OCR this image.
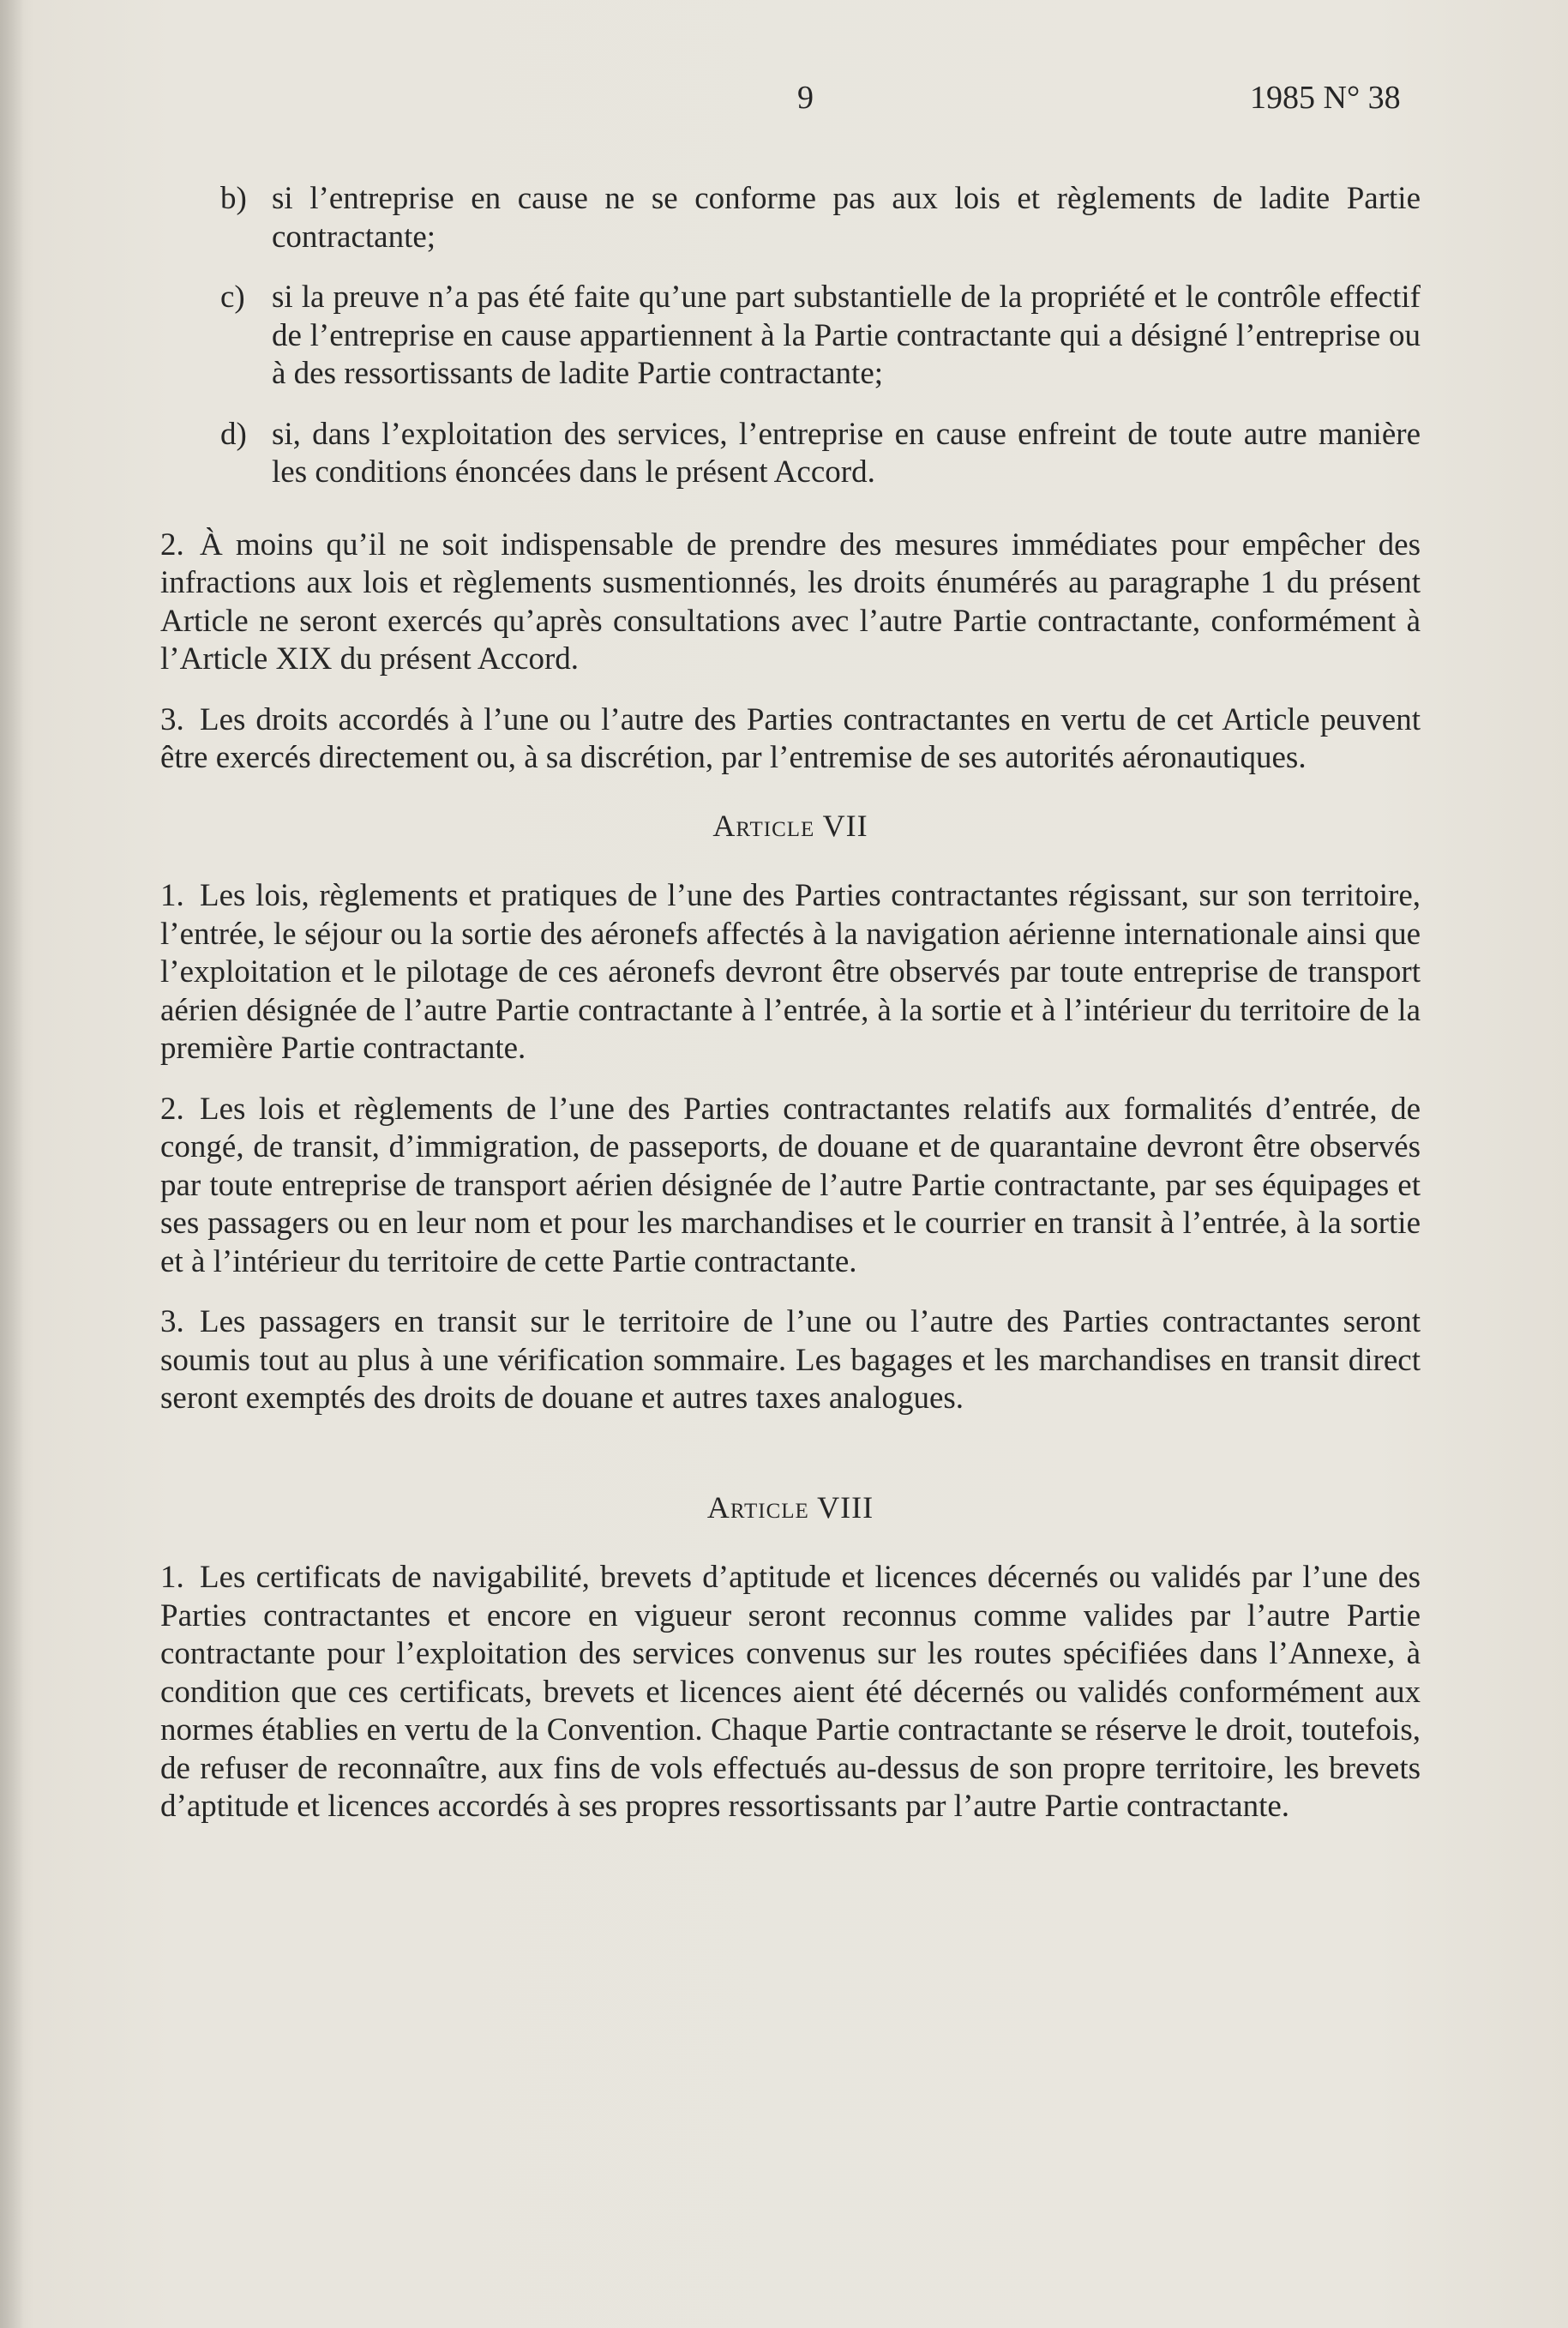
9	1985 N° 38
b) si l’entreprise en cause ne se conforme pas aux lois et règlements de ladite Partie contractante;
c) si la preuve n’a pas été faite qu’une part substantielle de la propriété et le contrôle effectif de l’entreprise en cause appartiennent à la Partie contractante qui a désigné l’entreprise ou à des ressortissants de ladite Partie contractante;
d) si, dans l’exploitation des services, l’entreprise en cause enfreint de toute autre manière les conditions énoncées dans le présent Accord.

2. À moins qu’il ne soit indispensable de prendre des mesures immédiates pour empêcher des infractions aux lois et règlements susmentionnés, les droits énumérés au paragraphe 1 du présent Article ne seront exercés qu’après consultations avec l’autre Partie contractante, conformément à l’Article XIX du présent Accord.

3. Les droits accordés à l’une ou l’autre des Parties contractantes en vertu de cet Article peuvent être exercés directement ou, à sa discrétion, par l’entremise de ses autorités aéronautiques.

Article VII

1. Les lois, règlements et pratiques de l’une des Parties contractantes régissant, sur son territoire, l’entrée, le séjour ou la sortie des aéronefs affectés à la navigation aérienne internationale ainsi que l’exploitation et le pilotage de ces aéronefs devront être observés par toute entreprise de transport aérien désignée de l’autre Partie contractante à l’entrée, à la sortie et à l’intérieur du territoire de la première Partie contractante.

2. Les lois et règlements de l’une des Parties contractantes relatifs aux formalités d’entrée, de congé, de transit, d’immigration, de passeports, de douane et de quarantaine devront être observés par toute entreprise de transport aérien désignée de l’autre Partie contractante, par ses équipages et ses passagers ou en leur nom et pour les marchandises et le courrier en transit à l’entrée, à la sortie et à l’intérieur du territoire de cette Partie contractante.

3. Les passagers en transit sur le territoire de l’une ou l’autre des Parties contractantes seront soumis tout au plus à une vérification sommaire. Les bagages et les marchandises en transit direct seront exemptés des droits de douane et autres taxes analogues.

Article VIII

1. Les certificats de navigabilité, brevets d’aptitude et licences décernés ou validés par l’une des Parties contractantes et encore en vigueur seront reconnus comme valides par l’autre Partie contractante pour l’exploitation des services convenus sur les routes spécifiées dans l’Annexe, à condition que ces certificats, brevets et licences aient été décernés ou validés conformément aux normes établies en vertu de la Convention. Chaque Partie contractante se réserve le droit, toutefois, de refuser de reconnaître, aux fins de vols effectués au-dessus de son propre territoire, les brevets d’aptitude et licences accordés à ses propres ressortissants par l’autre Partie contractante.
